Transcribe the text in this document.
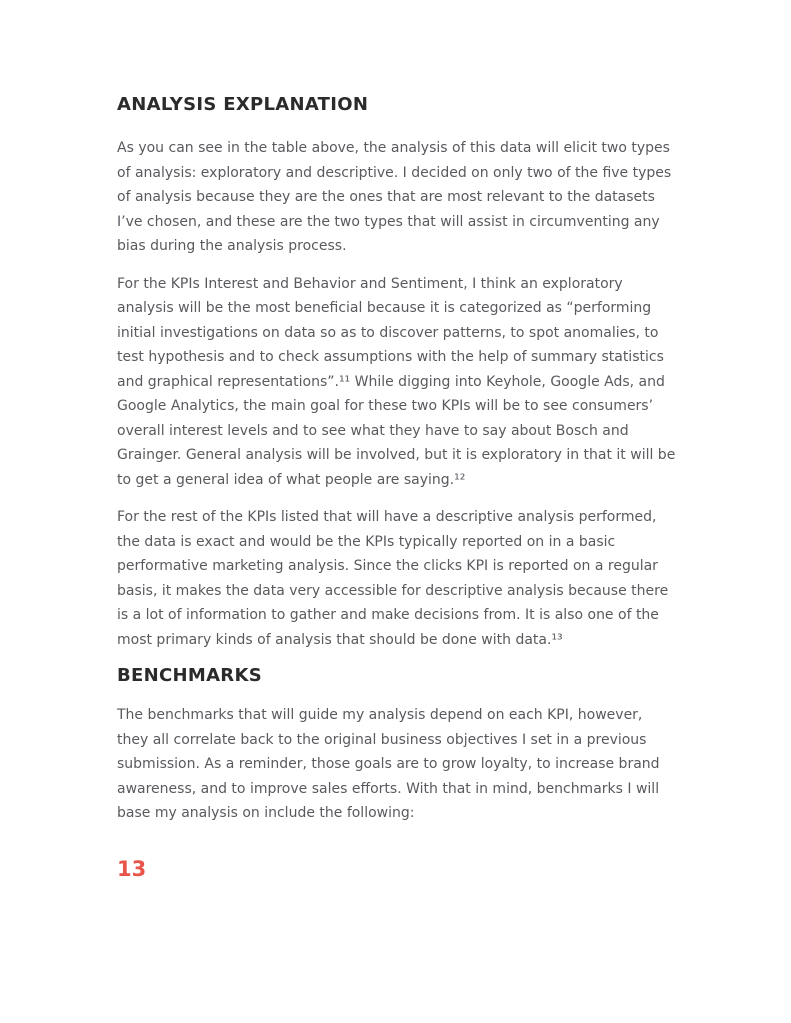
ANALYSIS EXPLANATION

As you can see in the table above, the analysis of this data will elicit two types of analysis: exploratory and descriptive. I decided on only two of the five types of analysis because they are the ones that are most relevant to the datasets I’ve chosen, and these are the two types that will assist in circumventing any bias during the analysis process.

For the KPIs Interest and Behavior and Sentiment, I think an exploratory analysis will be the most beneficial because it is categorized as “performing initial investigations on data so as to discover patterns, to spot anomalies, to test hypothesis and to check assumptions with the help of summary statistics and graphical representations”.¹¹ While digging into Keyhole, Google Ads, and Google Analytics, the main goal for these two KPIs will be to see consumers’ overall interest levels and to see what they have to say about Bosch and Grainger. General analysis will be involved, but it is exploratory in that it will be to get a general idea of what people are saying.¹²

For the rest of the KPIs listed that will have a descriptive analysis performed, the data is exact and would be the KPIs typically reported on in a basic performative marketing analysis. Since the clicks KPI is reported on a regular basis, it makes the data very accessible for descriptive analysis because there is a lot of information to gather and make decisions from. It is also one of the most primary kinds of analysis that should be done with data.¹³

BENCHMARKS

The benchmarks that will guide my analysis depend on each KPI, however, they all correlate back to the original business objectives I set in a previous submission. As a reminder, those goals are to grow loyalty, to increase brand awareness, and to improve sales efforts. With that in mind, benchmarks I will base my analysis on include the following:

13
